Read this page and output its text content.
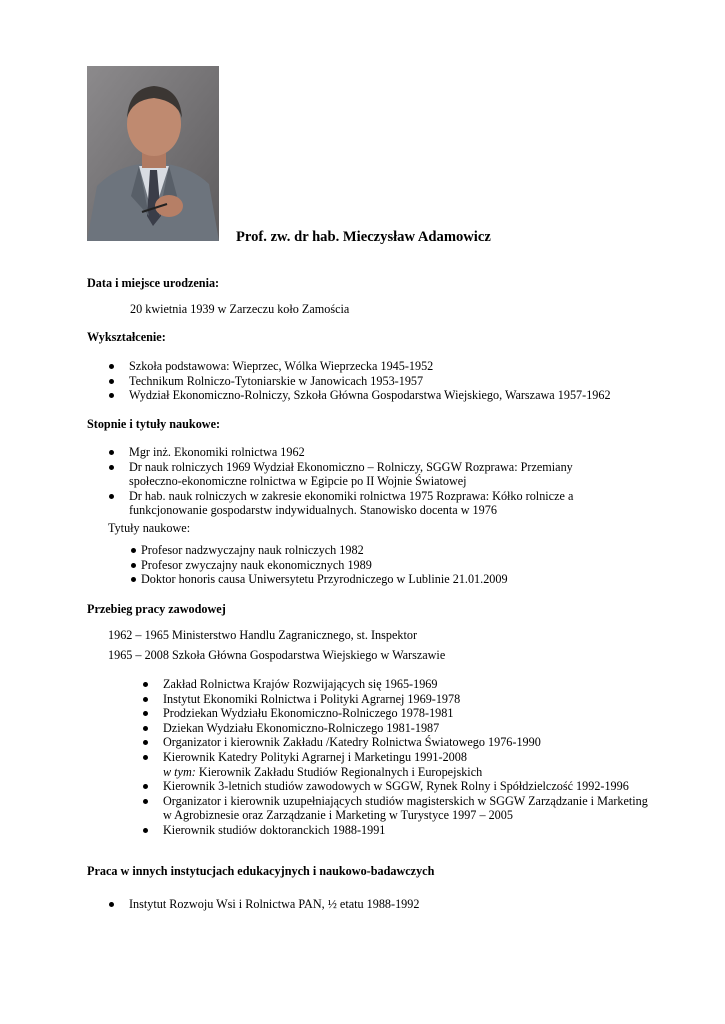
Prof. zw. dr hab. Mieczysław Adamowicz
Data i miejsce urodzenia:
20 kwietnia 1939 w Zarzeczu koło Zamościa
Wykształcenie:
Szkoła podstawowa: Wieprzec, Wólka Wieprzecka 1945-1952
Technikum Rolniczo-Tytoniarskie w Janowicach 1953-1957
Wydział Ekonomiczno-Rolniczy, Szkoła Główna Gospodarstwa Wiejskiego, Warszawa 1957-1962
Stopnie i tytuły naukowe:
Mgr inż. Ekonomiki rolnictwa 1962
Dr nauk rolniczych 1969 Wydział Ekonomiczno – Rolniczy, SGGW Rozprawa: Przemiany
społeczno-ekonomiczne rolnictwa w Egipcie po II Wojnie Światowej
Dr hab. nauk rolniczych w zakresie ekonomiki rolnictwa 1975 Rozprawa: Kółko rolnicze a
funkcjonowanie gospodarstw indywidualnych. Stanowisko docenta w 1976
Tytuły naukowe:
Profesor nadzwyczajny nauk rolniczych 1982
Profesor zwyczajny nauk ekonomicznych 1989
Doktor honoris causa Uniwersytetu Przyrodniczego w Lublinie 21.01.2009
Przebieg pracy zawodowej
1962 – 1965 Ministerstwo Handlu Zagranicznego, st. Inspektor
1965 – 2008 Szkoła Główna Gospodarstwa Wiejskiego w Warszawie
Zakład Rolnictwa Krajów Rozwijających się 1965-1969
Instytut Ekonomiki Rolnictwa i Polityki Agrarnej 1969-1978
Prodziekan Wydziału Ekonomiczno-Rolniczego 1978-1981
Dziekan Wydziału Ekonomiczno-Rolniczego 1981-1987
Organizator i kierownik Zakładu /Katedry Rolnictwa Światowego 1976-1990
Kierownik Katedry Polityki Agrarnej i Marketingu 1991-2008
w tym: Kierownik Zakładu Studiów Regionalnych i Europejskich
Kierownik 3-letnich studiów zawodowych w SGGW, Rynek Rolny i Spółdzielczość 1992-1996
Organizator i kierownik uzupełniających studiów magisterskich w SGGW Zarządzanie i Marketing
w Agrobiznesie oraz Zarządzanie i Marketing w Turystyce 1997 – 2005
Kierownik studiów doktoranckich 1988-1991
Praca w innych instytucjach edukacyjnych i naukowo-badawczych
Instytut Rozwoju Wsi i Rolnictwa PAN, ½ etatu 1988-1992
